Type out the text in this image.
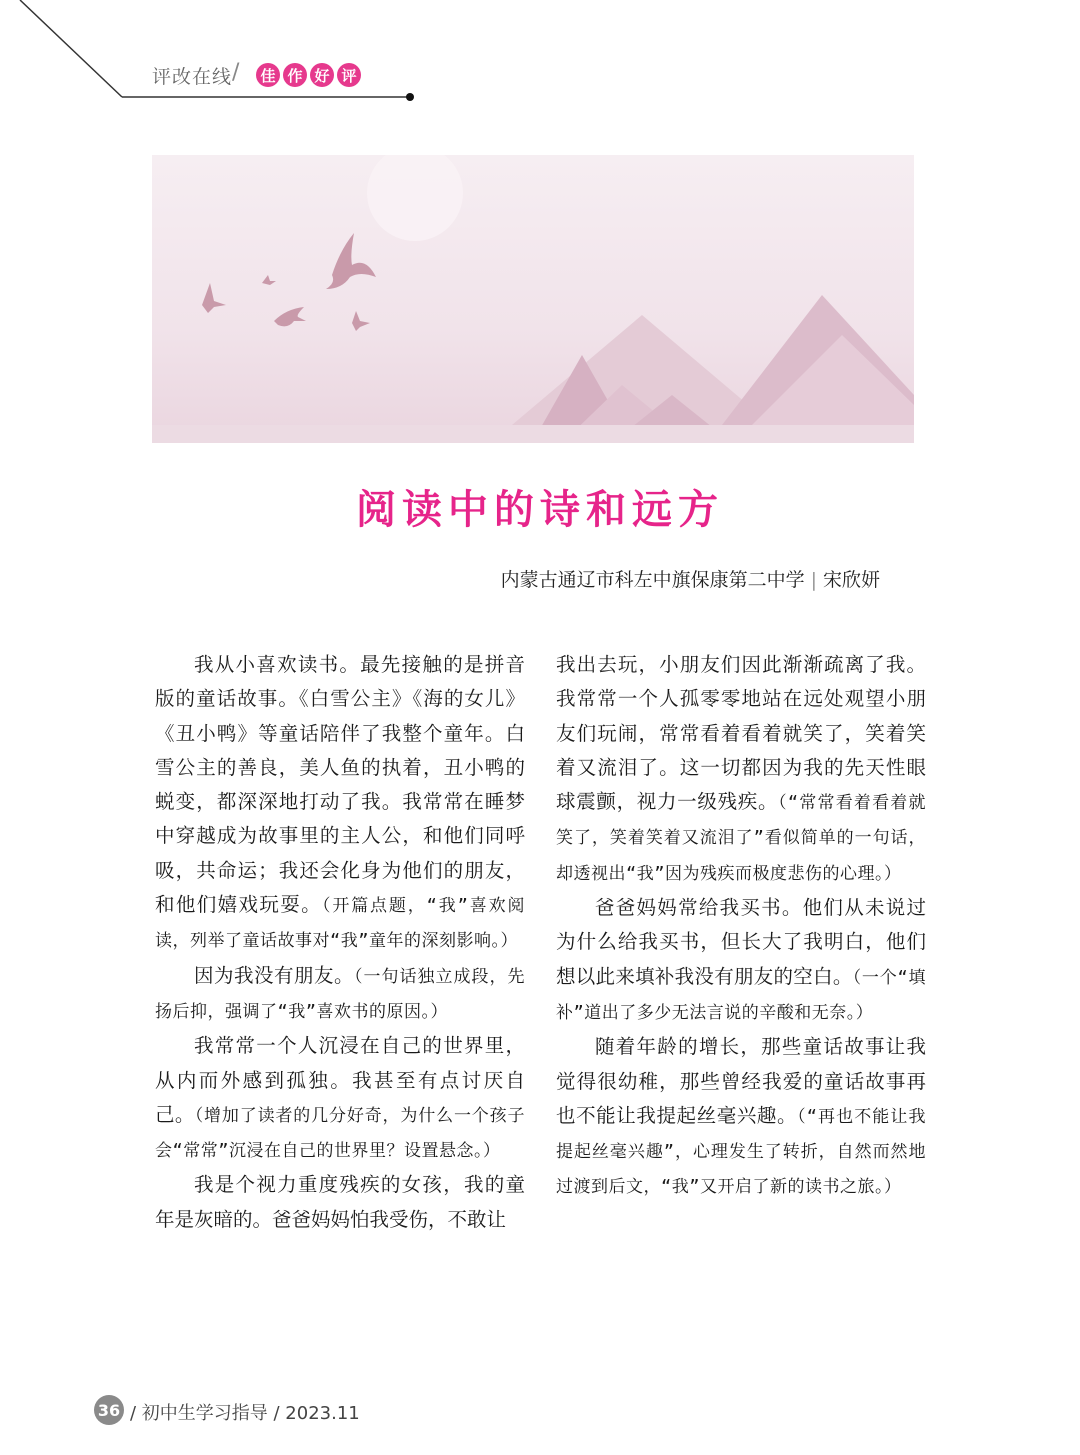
评改在线 / 佳 作 好 评
阅读中的诗和远方
内蒙古通辽市科左中旗保康第二中学 | 宋欣妍

我从小喜欢读书。最先接触的是拼音版的童话故事。《白雪公主》《海的女儿》《丑小鸭》等童话陪伴了我整个童年。白雪公主的善良，美人鱼的执着，丑小鸭的蜕变，都深深地打动了我。我常常在睡梦中穿越成为故事里的主人公，和他们同呼吸，共命运；我还会化身为他们的朋友，和他们嬉戏玩耍。（开篇点题，“我”喜欢阅读，列举了童话故事对“我”童年的深刻影响。）

因为我没有朋友。（一句话独立成段，先扬后抑，强调了“我”喜欢书的原因。）

我常常一个人沉浸在自己的世界里，从内而外感到孤独。我甚至有点讨厌自己。（增加了读者的几分好奇，为什么一个孩子会“常常”沉浸在自己的世界里？设置悬念。）

我是个视力重度残疾的女孩，我的童年是灰暗的。爸爸妈妈怕我受伤，不敢让

我出去玩，小朋友们因此渐渐疏离了我。我常常一个人孤零零地站在远处观望小朋友们玩闹，常常看着看着就笑了，笑着笑着又流泪了。这一切都因为我的先天性眼球震颤，视力一级残疾。（“常常看着看着就笑了，笑着笑着又流泪了”看似简单的一句话，却透视出“我”因为残疾而极度悲伤的心理。）

爸爸妈妈常给我买书。他们从未说过为什么给我买书，但长大了我明白，他们想以此来填补我没有朋友的空白。（一个“填补”道出了多少无法言说的辛酸和无奈。）

随着年龄的增长，那些童话故事让我觉得很幼稚，那些曾经我爱的童话故事再也不能让我提起丝毫兴趣。（“再也不能让我提起丝毫兴趣”，心理发生了转折，自然而然地过渡到后文，“我”又开启了新的读书之旅。）

36 / 初中生学习指导 / 2023.11
